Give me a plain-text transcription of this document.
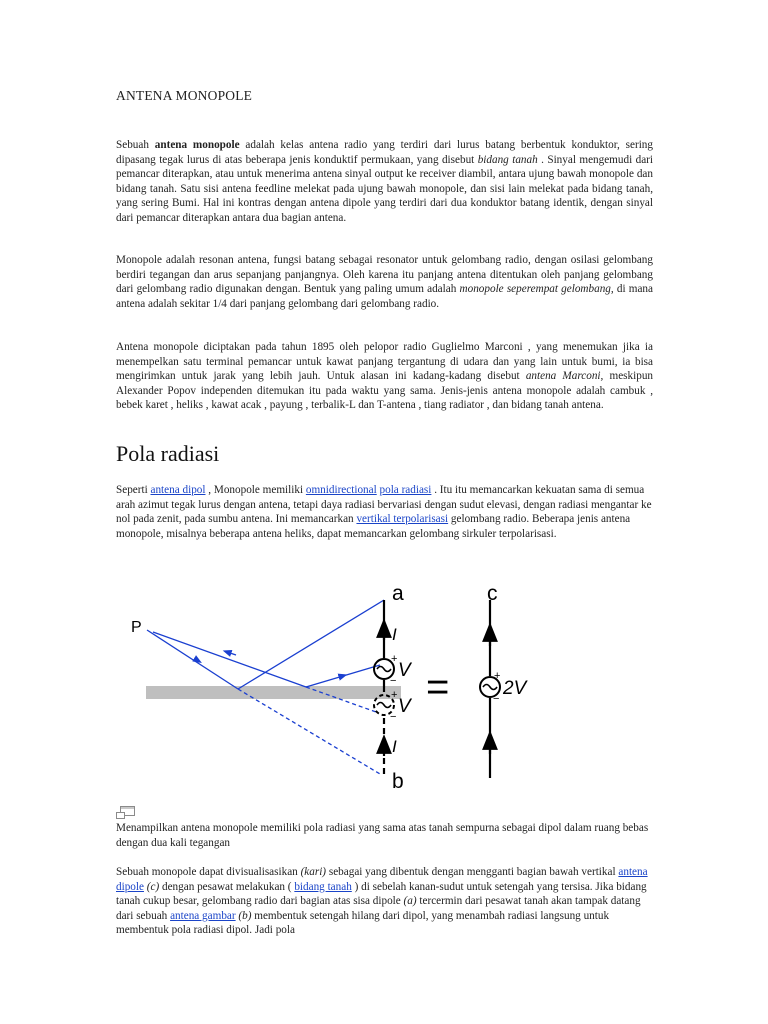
ANTENA MONOPOLE

Sebuah antena monopole adalah kelas antena radio yang terdiri dari lurus batang berbentuk konduktor, sering dipasang tegak lurus di atas beberapa jenis konduktif permukaan, yang disebut bidang tanah . Sinyal mengemudi dari pemancar diterapkan, atau untuk menerima antena sinyal output ke receiver diambil, antara ujung bawah monopole dan bidang tanah. Satu sisi antena feedline melekat pada ujung bawah monopole, dan sisi lain melekat pada bidang tanah, yang sering Bumi. Hal ini kontras dengan antena dipole yang terdiri dari dua konduktor batang identik, dengan sinyal dari pemancar diterapkan antara dua bagian antena.

Monopole adalah resonan antena, fungsi batang sebagai resonator untuk gelombang radio, dengan osilasi gelombang berdiri tegangan dan arus sepanjang panjangnya. Oleh karena itu panjang antena ditentukan oleh panjang gelombang dari gelombang radio digunakan dengan. Bentuk yang paling umum adalah monopole seperempat gelombang, di mana antena adalah sekitar 1/4 dari panjang gelombang dari gelombang radio.

Antena monopole diciptakan pada tahun 1895 oleh pelopor radio Guglielmo Marconi , yang menemukan jika ia menempelkan satu terminal pemancar untuk kawat panjang tergantung di udara dan yang lain untuk bumi, ia bisa mengirimkan untuk jarak yang lebih jauh. Untuk alasan ini kadang-kadang disebut antena Marconi, meskipun Alexander Popov independen ditemukan itu pada waktu yang sama. Jenis-jenis antena monopole adalah cambuk , bebek karet , heliks , kawat acak , payung , terbalik-L dan T-antena , tiang radiator , dan bidang tanah antena.

Pola radiasi

Seperti antena dipol , Monopole memiliki omnidirectional pola radiasi . Itu itu memancarkan kekuatan sama di semua arah azimut tegak lurus dengan antena, tetapi daya radiasi bervariasi dengan sudut elevasi, dengan radiasi mengantar ke nol pada zenit, pada sumbu antena. Ini memancarkan vertikal terpolarisasi gelombang radio. Beberapa jenis antena monopole, misalnya beberapa antena heliks, dapat memancarkan gelombang sirkuler terpolarisasi.

Menampilkan antena monopole memiliki pola radiasi yang sama atas tanah sempurna sebagai dipol dalam ruang bebas dengan dua kali tegangan

Sebuah monopole dapat divisualisasikan (kari) sebagai yang dibentuk dengan mengganti bagian bawah vertikal antena dipole (c) dengan pesawat melakukan ( bidang tanah ) di sebelah kanan-sudut untuk setengah yang tersisa. Jika bidang tanah cukup besar, gelombang radio dari bagian atas sisa dipole (a) tercermin dari pesawat tanah akan tampak datang dari sebuah antena gambar (b) membentuk setengah hilang dari dipol, yang menambah radiasi langsung untuk membentuk pola radiasi dipol. Jadi pola

P
a
b
c
I
I
V
V
2V
+
−
+
−
+
−
=
